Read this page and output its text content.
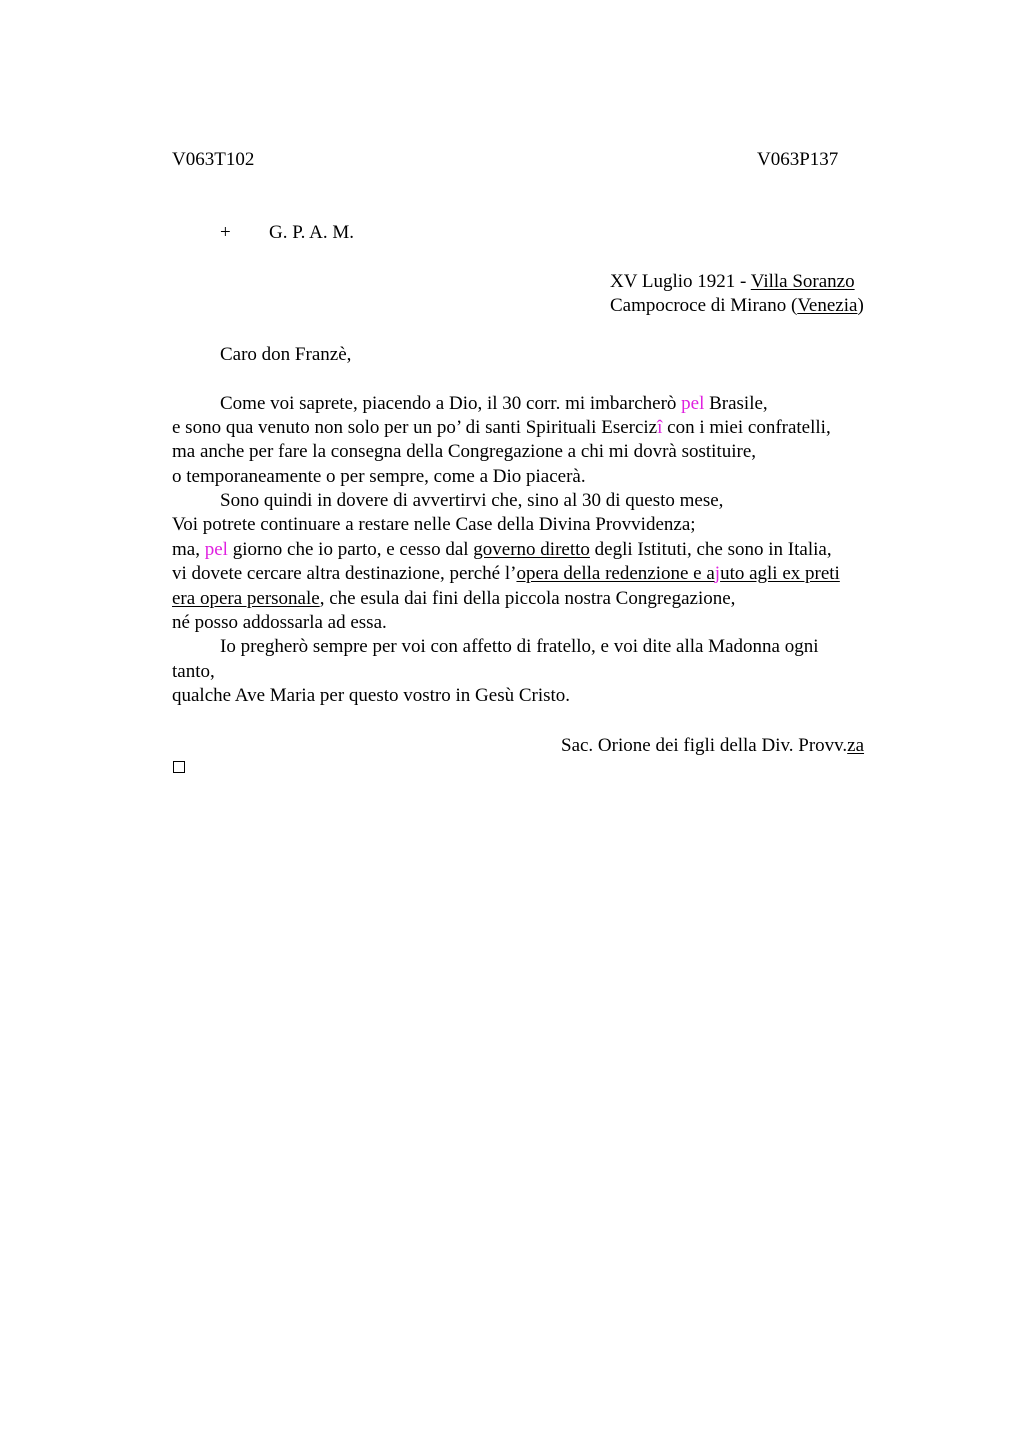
V063T102	V063P137
+ G. P. A. M.
XV Luglio 1921 - Villa Soranzo
Campocroce di Mirano (Venezia)
Caro don Franzè,
Come voi saprete, piacendo a Dio, il 30 corr. mi imbarcherò pel Brasile,
e sono qua venuto non solo per un po’ di santi Spirituali Esercizî con i miei confratelli,
ma anche per fare la consegna della Congregazione a chi mi dovrà sostituire,
o temporaneamente o per sempre, come a Dio piacerà.
Sono quindi in dovere di avvertirvi che, sino al 30 di questo mese,
Voi potrete continuare a restare nelle Case della Divina Provvidenza;
ma, pel giorno che io parto, e cesso dal governo diretto degli Istituti, che sono in Italia,
vi dovete cercare altra destinazione, perché l’opera della redenzione e ajuto agli ex preti
era opera personale, che esula dai fini della piccola nostra Congregazione,
né posso addossarla ad essa.
Io pregherò sempre per voi con affetto di fratello, e voi dite alla Madonna ogni
tanto,
qualche Ave Maria per questo vostro in Gesù Cristo.
Sac. Orione dei figli della Div. Provv.za
